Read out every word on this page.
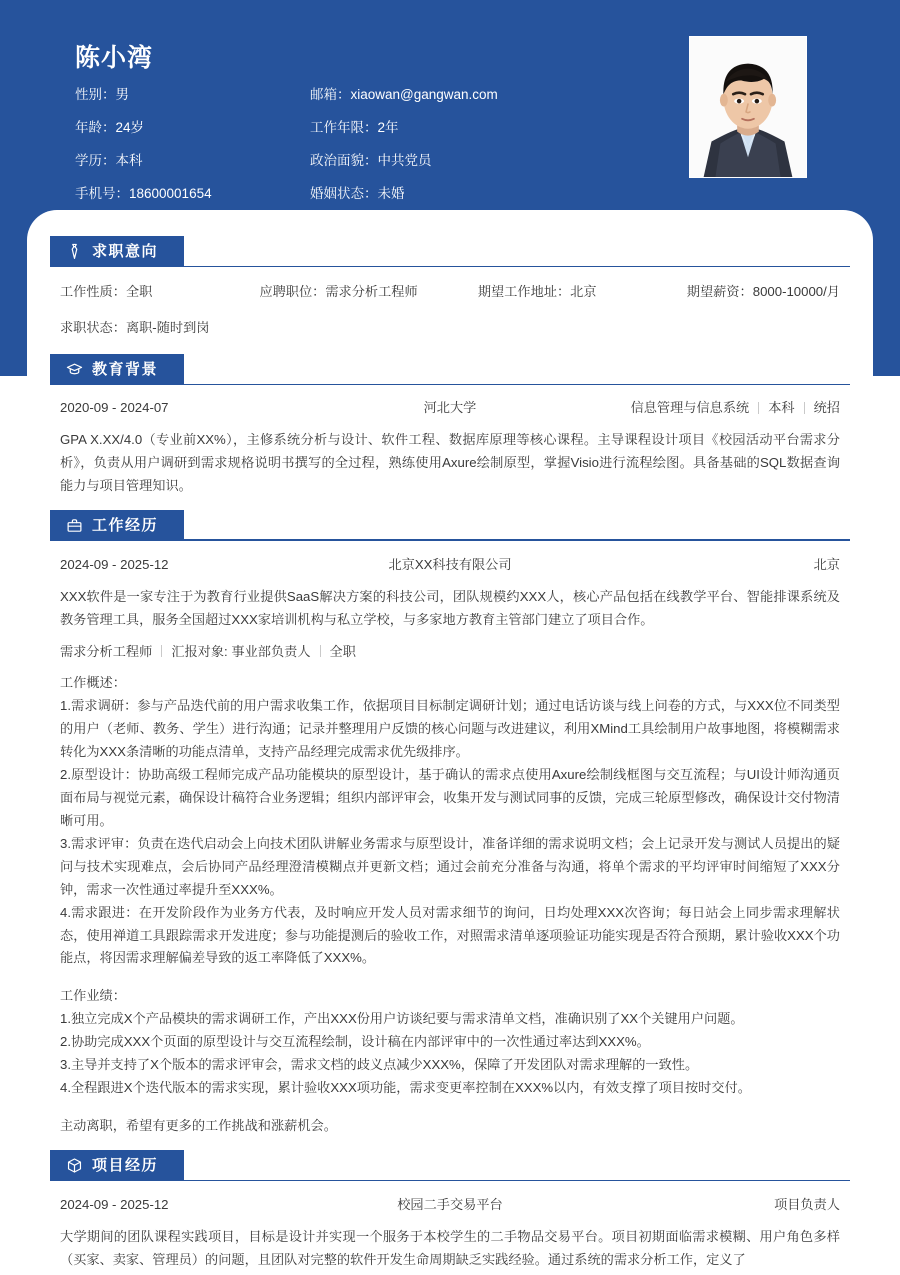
陈小湾
性别：男	邮箱：xiaowan@gangwan.com
年龄：24岁	工作年限：2年
学历：本科	政治面貌：中共党员
手机号：18600001654	婚姻状态：未婚
求职意向
工作性质：全职	应聘职位：需求分析工程师	期望工作地址：北京	期望薪资：8000-10000/月
求职状态：离职-随时到岗
教育背景
2020-09 - 2024-07	河北大学	信息管理与信息系统 本科 统招
GPA X.XX/4.0（专业前XX%），主修系统分析与设计、软件工程、数据库原理等核心课程。主导课程设计项目《校园活动平台需求分析》，负责从用户调研到需求规格说明书撰写的全过程，熟练使用Axure绘制原型，掌握Visio进行流程绘图。具备基础的SQL数据查询能力与项目管理知识。
工作经历
2024-09 - 2025-12	北京XX科技有限公司	北京
XXX软件是一家专注于为教育行业提供SaaS解决方案的科技公司，团队规模约XXX人，核心产品包括在线教学平台、智能排课系统及教务管理工具，服务全国超过XXX家培训机构与私立学校，与多家地方教育主管部门建立了项目合作。
需求分析工程师 汇报对象: 事业部负责人 全职
工作概述：
1.需求调研：参与产品迭代前的用户需求收集工作，依据项目目标制定调研计划；通过电话访谈与线上问卷的方式，与XXX位不同类型的用户（老师、教务、学生）进行沟通；记录并整理用户反馈的核心问题与改进建议，利用XMind工具绘制用户故事地图，将模糊需求转化为XXX条清晰的功能点清单，支持产品经理完成需求优先级排序。
2.原型设计：协助高级工程师完成产品功能模块的原型设计，基于确认的需求点使用Axure绘制线框图与交互流程；与UI设计师沟通页面布局与视觉元素，确保设计稿符合业务逻辑；组织内部评审会，收集开发与测试同事的反馈，完成三轮原型修改，确保设计交付物清晰可用。
3.需求评审：负责在迭代启动会上向技术团队讲解业务需求与原型设计，准备详细的需求说明文档；会上记录开发与测试人员提出的疑问与技术实现难点，会后协同产品经理澄清模糊点并更新文档；通过会前充分准备与沟通，将单个需求的平均评审时间缩短了XXX分钟，需求一次性通过率提升至XXX%。
4.需求跟进：在开发阶段作为业务方代表，及时响应开发人员对需求细节的询问，日均处理XXX次咨询；每日站会上同步需求理解状态，使用禅道工具跟踪需求开发进度；参与功能提测后的验收工作，对照需求清单逐项验证功能实现是否符合预期，累计验收XXX个功能点，将因需求理解偏差导致的返工率降低了XXX%。
工作业绩：
1.独立完成X个产品模块的需求调研工作，产出XXX份用户访谈纪要与需求清单文档，准确识别了XX个关键用户问题。
2.协助完成XXX个页面的原型设计与交互流程绘制，设计稿在内部评审中的一次性通过率达到XXX%。
3.主导并支持了X个版本的需求评审会，需求文档的歧义点减少XXX%，保障了开发团队对需求理解的一致性。
4.全程跟进X个迭代版本的需求实现，累计验收XXX项功能，需求变更率控制在XXX%以内，有效支撑了项目按时交付。
主动离职，希望有更多的工作挑战和涨薪机会。
项目经历
2024-09 - 2025-12	校园二手交易平台	项目负责人
大学期间的团队课程实践项目，目标是设计并实现一个服务于本校学生的二手物品交易平台。项目初期面临需求模糊、用户角色多样（买家、卖家、管理员）的问题，且团队对完整的软件开发生命周期缺乏实践经验。通过系统的需求分析工作，定义了
